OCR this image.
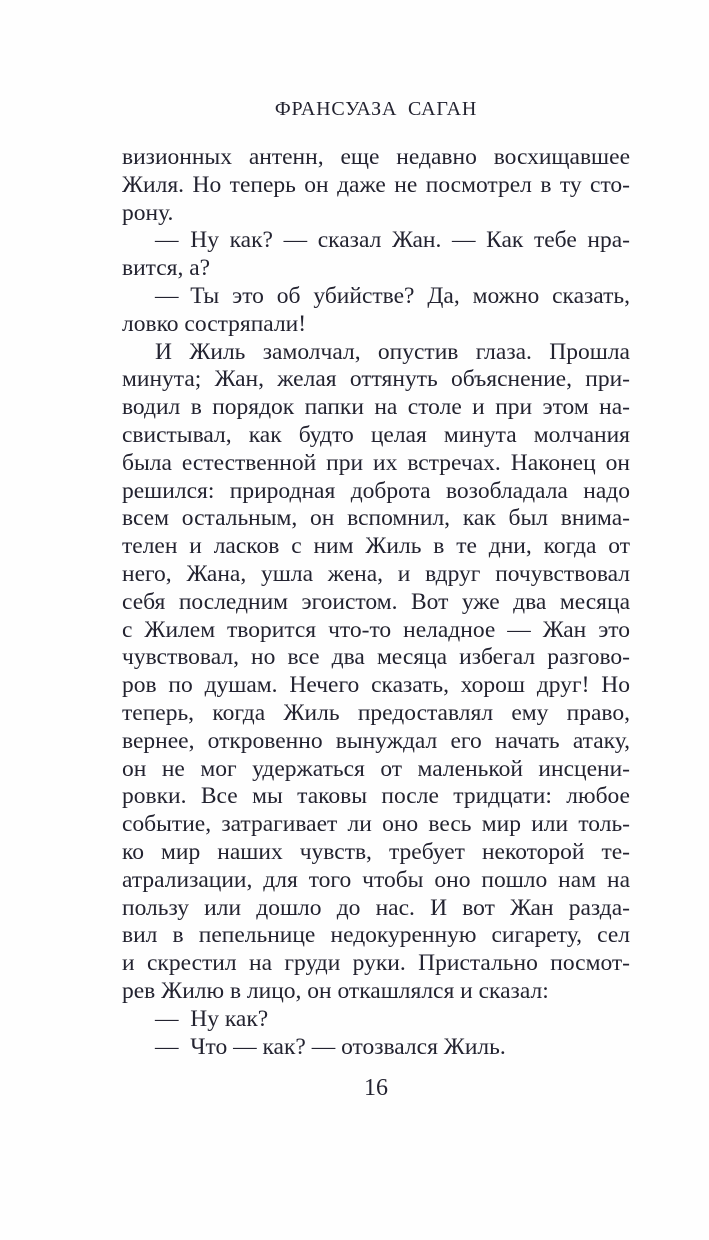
ФРАНСУАЗА САГАН
визионных антенн, еще недавно восхищавшее
Жиля. Но теперь он даже не посмотрел в ту сто-
рону.
— Ну как? — сказал Жан. — Как тебе нра-
вится, а?
— Ты это об убийстве? Да, можно сказать,
ловко состряпали!
И Жиль замолчал, опустив глаза. Прошла
минута; Жан, желая оттянуть объяснение, при-
водил в порядок папки на столе и при этом на-
свистывал, как будто целая минута молчания
была естественной при их встречах. Наконец он
решился: природная доброта возобладала надо
всем остальным, он вспомнил, как был внима-
телен и ласков с ним Жиль в те дни, когда от
него, Жана, ушла жена, и вдруг почувствовал
себя последним эгоистом. Вот уже два месяца
с Жилем творится что-то неладное — Жан это
чувствовал, но все два месяца избегал разгово-
ров по душам. Нечего сказать, хорош друг! Но
теперь, когда Жиль предоставлял ему право,
вернее, откровенно вынуждал его начать атаку,
он не мог удержаться от маленькой инсцени-
ровки. Все мы таковы после тридцати: любое
событие, затрагивает ли оно весь мир или толь-
ко мир наших чувств, требует некоторой те-
атрализации, для того чтобы оно пошло нам на
пользу или дошло до нас. И вот Жан разда-
вил в пепельнице недокуренную сигарету, сел
и скрестил на груди руки. Пристально посмот-
рев Жилю в лицо, он откашлялся и сказал:
— Ну как?
— Что — как? — отозвался Жиль.
16
